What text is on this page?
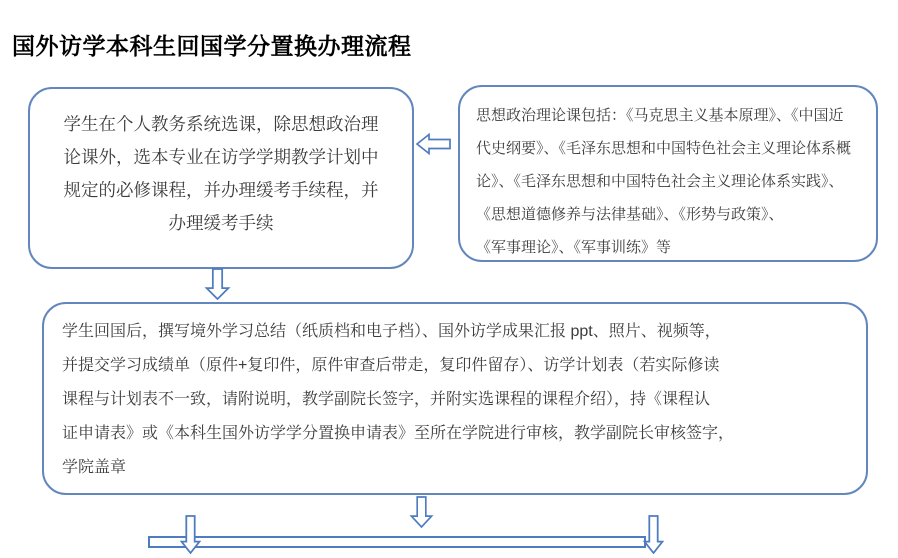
国外访学本科生回国学分置换办理流程
学生在个人教务系统选课，除思想政治理
论课外，选本专业在访学学期教学计划中
规定的必修课程，并办理缓考手续程，并
办理缓考手续
思想政治理论课包括：《马克思主义基本原理》、《中国近
代史纲要》、《毛泽东思想和中国特色社会主义理论体系概
论》、《毛泽东思想和中国特色社会主义理论体系实践》、
《思想道德修养与法律基础》、《形势与政策》、
《军事理论》、《军事训练》等
学生回国后，撰写境外学习总结（纸质档和电子档）、国外访学成果汇报 ppt、照片、视频等，
并提交学习成绩单（原件+复印件，原件审查后带走，复印件留存）、访学计划表（若实际修读
课程与计划表不一致，请附说明，教学副院长签字，并附实选课程的课程介绍），持《课程认
证申请表》或《本科生国外访学学分置换申请表》至所在学院进行审核，教学副院长审核签字，
学院盖章
